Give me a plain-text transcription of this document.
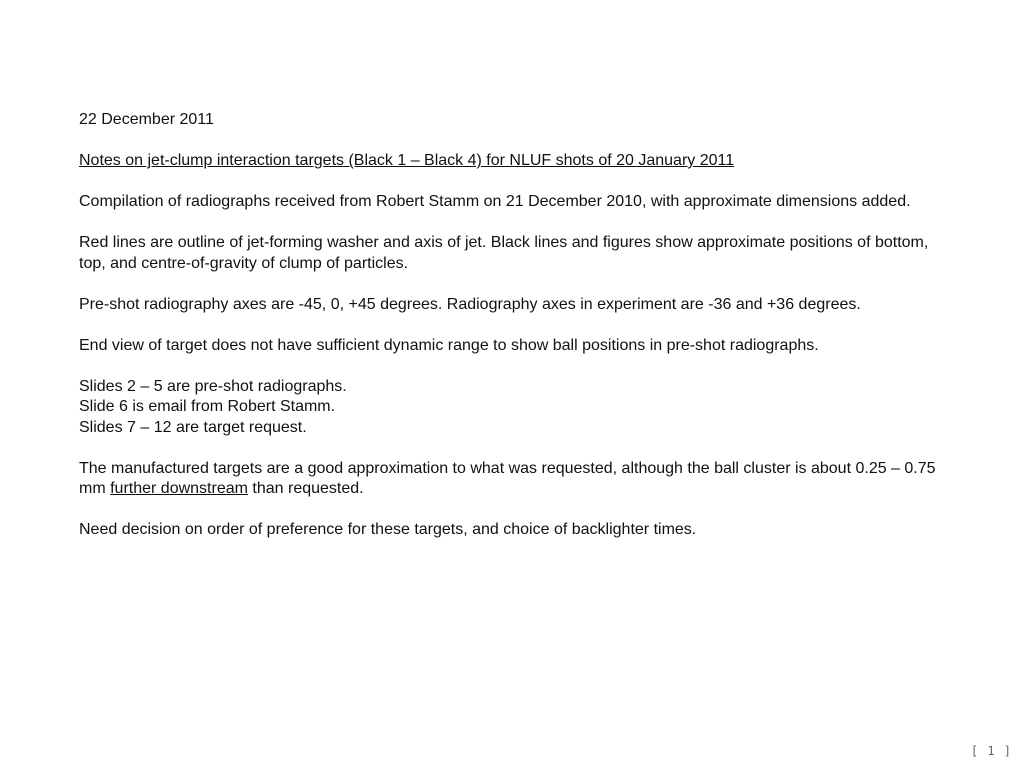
22 December 2011

Notes on jet-clump interaction targets (Black 1 – Black 4) for NLUF shots of 20 January 2011

Compilation of radiographs received from Robert Stamm on 21 December 2010, with approximate dimensions added.

Red lines are outline of jet-forming washer and axis of jet. Black lines and figures show approximate positions of bottom, top, and centre-of-gravity of clump of particles.

Pre-shot radiography axes are -45, 0, +45 degrees. Radiography axes in experiment are -36 and +36 degrees.

End view of target does not have sufficient dynamic range to show ball positions in pre-shot radiographs.

Slides 2 – 5 are pre-shot radiographs.

Slide 6 is email from Robert Stamm.

Slides 7 – 12 are target request.

The manufactured targets are a good approximation to what was requested, although the ball cluster is about 0.25 – 0.75 mm further downstream than requested.

Need decision on order of preference for these targets, and choice of backlighter times.

[ 1 ]
